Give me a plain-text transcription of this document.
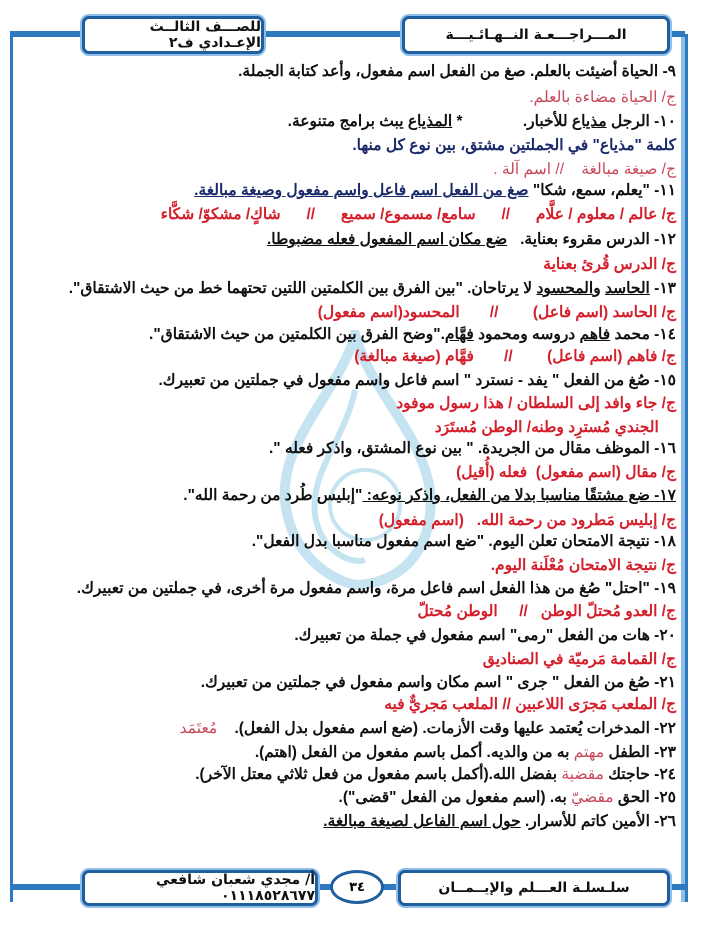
المـــراجـــعـة النــهـائـيـــة
للصـــف الثالــث الإعـدادي ف٢
٩- الحياة أضيئت بالعلم. صغ من الفعل اسم مفعول، وأعد كتابة الجملة.
ج/ الحياة مضاءة بالعلم.
١٠- الرجل مذياع للأخبار.              * المذياع يبث برامج متنوعة.
كلمة "مذياع" في الجملتين مشتق، بين نوع كل منها.
ج/ صيغة مبالغة    // اسم آلة .
١١- "يعلم، سمع، شكا" صغ من الفعل اسم فاعل واسم مفعول وصيغة مبالغة.
ج/ عالم / معلوم / علَّام      //      سامع/ مسموع/ سميع      //      شاكٍ/ مشكوّ/ شكَّاء
١٢- الدرس مقروء بعناية.   ضع مكان اسم المفعول فعله مضبوطا.
ج/ الدرس قُرئ بعناية
١٣- الحاسد والمحسود لا يرتاحان. "بين الفرق بين الكلمتين اللتين تحتهما خط من حيث الاشتقاق".
ج/ الحاسد (اسم فاعل)        //       المحسود(اسم مفعول)
١٤- محمد فاهم دروسه ومحمود فهَّام."وضح الفرق بين الكلمتين من حيث الاشتقاق".
ج/ فاهم (اسم فاعل)        //       فهَّام (صيغة مبالغة)
١٥- صُغ من الفعل " يفد - نسترد " اسم فاعل واسم مفعول في جملتين من تعبيرك.
ج/ جاء وافد إلى السلطان / هذا رسول موفود
الجندي مُسترِد وطنه/ الوطن مُستَرَد
١٦- الموظف مقال من الجريدة. " بين نوع المشتق، واذكر فعله ".
ج/ مقال (اسم مفعول)  فعله (أُقيل)
١٧- ضع مشتقًا مناسبا بدلا من الفعل، واذكر نوعه: "إبليس طُرد من رحمة الله".
ج/ إبليس مَطرود من رحمة الله.   (اسم مفعول)
١٨- نتيجة الامتحان تعلن اليوم. "ضع اسم مفعول مناسبا بدل الفعل".
ج/ نتيجة الامتحان مُعْلَنة اليوم.
١٩- "احتل" صُغ من هذا الفعل اسم فاعل مرة، واسم مفعول مرة أخرى، في جملتين من تعبيرك.
ج/ العدو مُحتلّ الوطن   //     الوطن مُحتلّ
٢٠- هات من الفعل "رمى" اسم مفعول في جملة من تعبيرك.
ج/ القمامة مَرميّة في الصناديق
٢١- صُغ من الفعل " جرى " اسم مكان واسم مفعول في جملتين من تعبيرك.
ج/ الملعب مَجرَى اللاعبين // الملعب مَجريٌّ فيه
٢٢- المدخرات يُعتمد عليها وقت الأزمات. (ضع اسم مفعول بدل الفعل).    مُعتَمَد
٢٣- الطفل مهتم به من والديه. أكمل باسم مفعول من الفعل (اهتم).
٢٤- حاجتك مقضية بفضل الله.(أكمل باسم مفعول من فعل ثلاثي معتل الآخر).
٢٥- الحق مقضيّ به. (اسم مفعول من الفعل "قضى").
٢٦- الأمين كاتم للأسرار. حول اسم الفاعل لصيغة مبالغة.
سلـسلـة العـــلم والإيــمــان
٣٤
أ/ مجدي شعبان شافعي ٠١١١٨٥٢٨٦٧٧
